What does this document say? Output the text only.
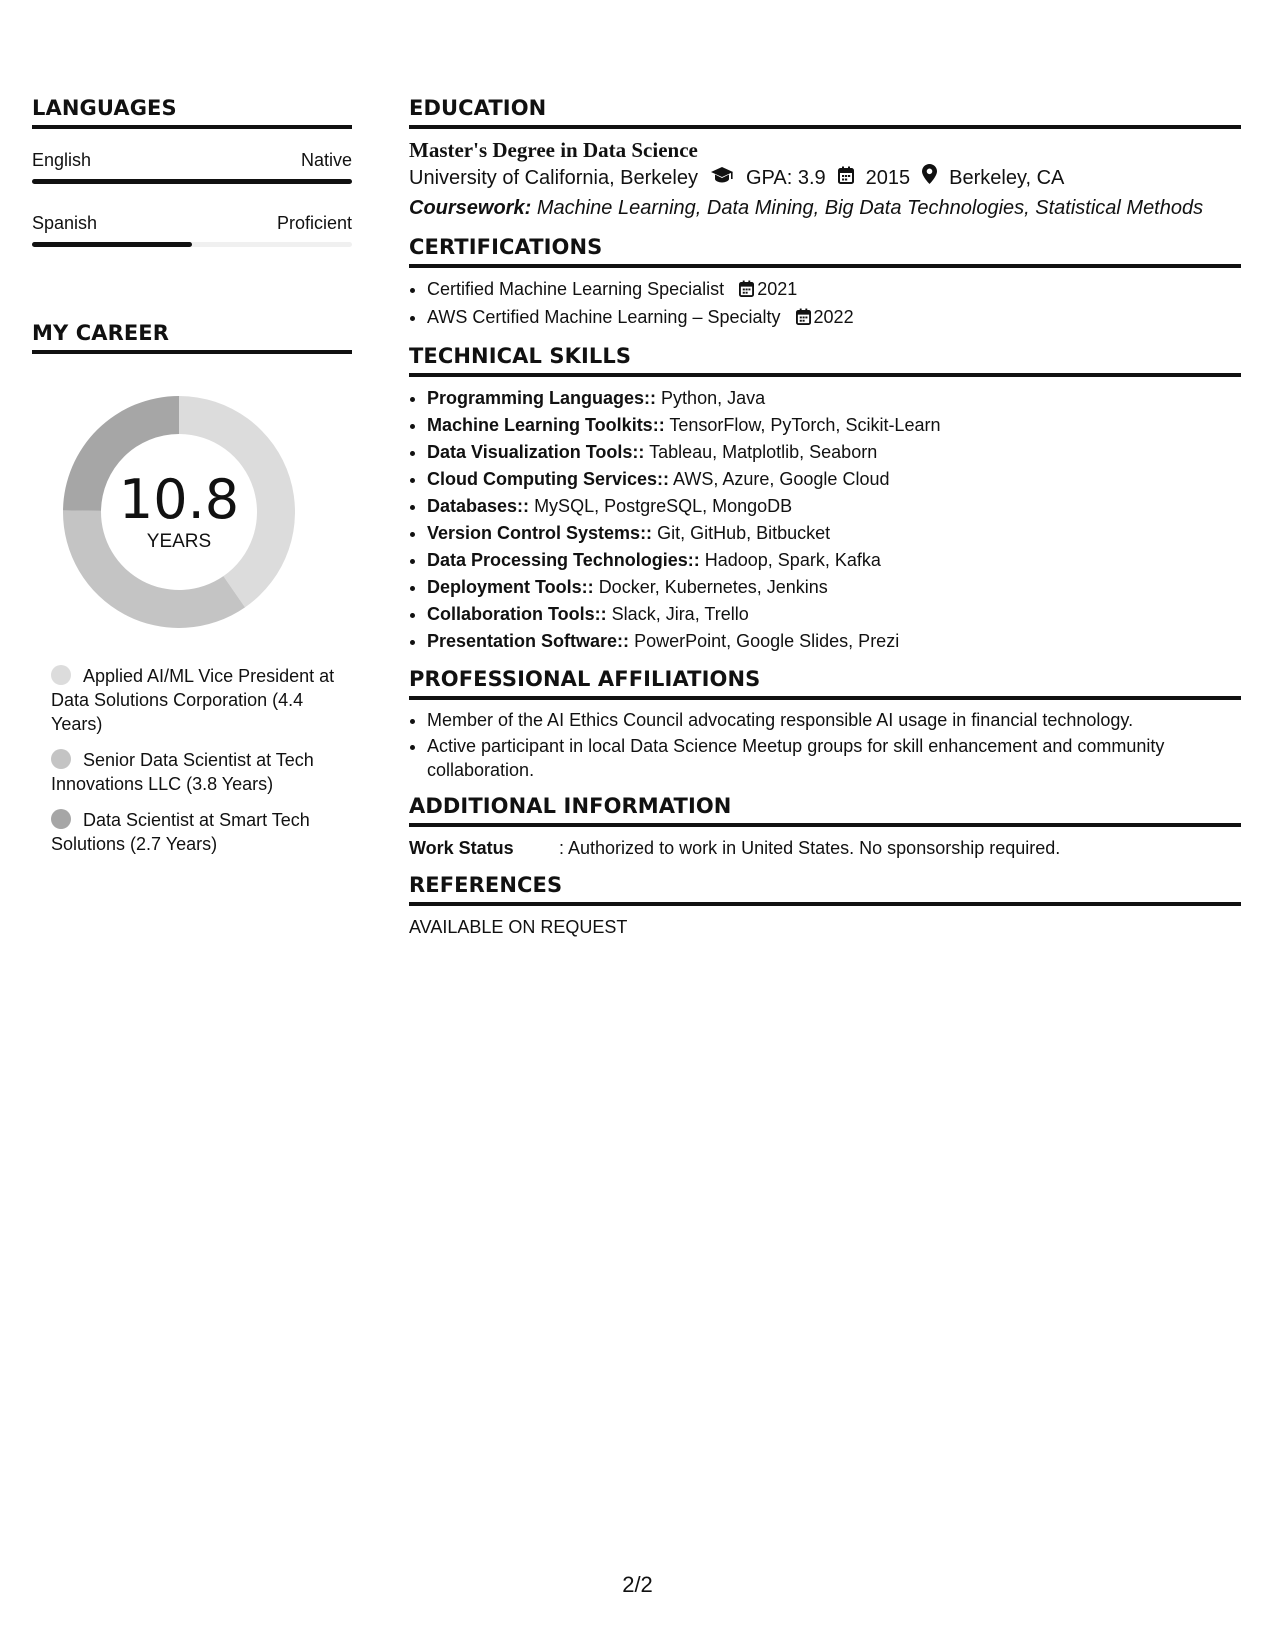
LANGUAGES
English	Native
Spanish	Proficient
MY CAREER
10.8
YEARS
Applied AI/ML Vice President at Data Solutions Corporation (4.4 Years)
Senior Data Scientist at Tech Innovations LLC (3.8 Years)
Data Scientist at Smart Tech Solutions (2.7 Years)
EDUCATION
Master's Degree in Data Science
University of California, Berkeley GPA: 3.9 2015 Berkeley, CA
Coursework: Machine Learning, Data Mining, Big Data Technologies, Statistical Methods
CERTIFICATIONS
• Certified Machine Learning Specialist 2021
• AWS Certified Machine Learning – Specialty 2022
TECHNICAL SKILLS
• Programming Languages:: Python, Java
• Machine Learning Toolkits:: TensorFlow, PyTorch, Scikit-Learn
• Data Visualization Tools:: Tableau, Matplotlib, Seaborn
• Cloud Computing Services:: AWS, Azure, Google Cloud
• Databases:: MySQL, PostgreSQL, MongoDB
• Version Control Systems:: Git, GitHub, Bitbucket
• Data Processing Technologies:: Hadoop, Spark, Kafka
• Deployment Tools:: Docker, Kubernetes, Jenkins
• Collaboration Tools:: Slack, Jira, Trello
• Presentation Software:: PowerPoint, Google Slides, Prezi
PROFESSIONAL AFFILIATIONS
• Member of the AI Ethics Council advocating responsible AI usage in financial technology.
• Active participant in local Data Science Meetup groups for skill enhancement and community collaboration.
ADDITIONAL INFORMATION
Work Status	: Authorized to work in United States. No sponsorship required.
REFERENCES
AVAILABLE ON REQUEST
2/2
